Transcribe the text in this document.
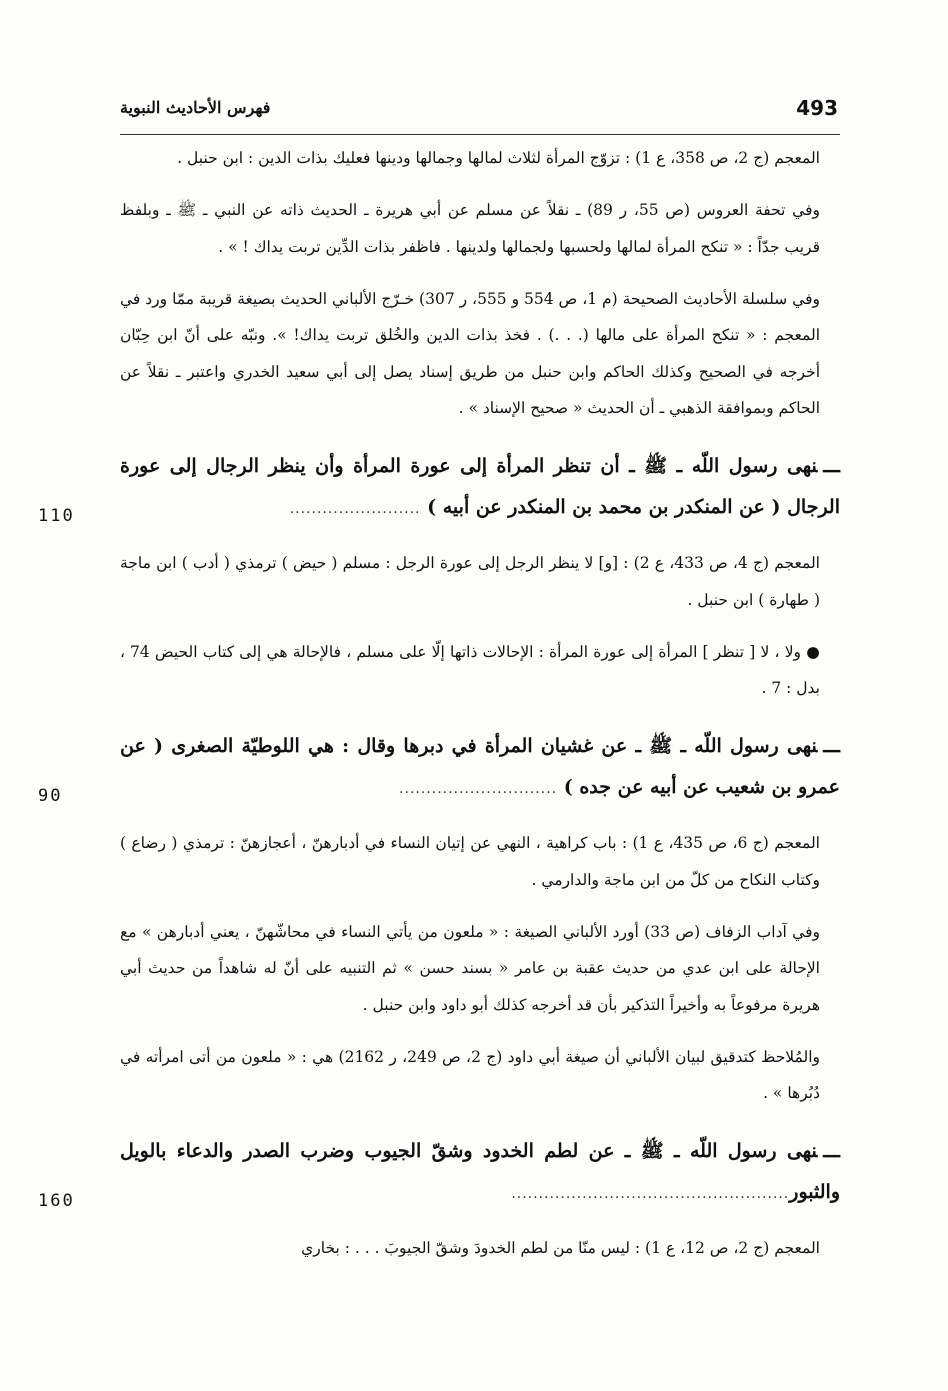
493
فهرس الأحاديث النبوية

المعجم (ج 2، ص 358، ع 1) : تزوّج المرأة لثلاث لمالها وجمالها ودينها فعليك بذات الدين : ابن حنبل .

وفي تحفة العروس (ص 55، ر 89) ـ نقلاً عن مسلم عن أبي هريرة ـ الحديث ذاته عن النبي ـ ﷺ ـ وبلفظ قريب جدّاً : « تنكح المرأة لمالها ولحسبها ولجمالها ولدينها . فاظفر بذات الدِّين تربت يداك ! » .

وفي سلسلة الأحاديث الصحيحة (م 1، ص 554 و 555، ر 307) خـرّج الألباني الحديث بصيغة قريبة ممّا ورد في المعجم : « تنكح المرأة على مالها (. . .) . فخذ بذات الدين والخُلق تربت يداك! ». ونبّه على أنّ ابن حِبّان أخرجه في الصحيح وكذلك الحاكم وابن حنبل من طريق إسناد يصل إلى أبي سعيد الخدري واعتبر ـ نقلاً عن الحاكم وبموافقة الذهبي ـ أن الحديث « صحيح الإسناد » .

ـــنهى رسول اللّه ـ ﷺ ـ أن تنظر المرأة إلى عورة المرأة وأن ينظر الرجال إلى عورة الرجال ( عن المنكدر بن محمد بن المنكدر عن أبيه ) ........................

110

المعجم (ج 4، ص 433، ع 2) : [و] لا ينظر الرجل إلى عورة الرجل : مسلم ( حيض ) ترمذي ( أدب ) ابن ماجة ( طهارة ) ابن حنبل .

● ولا ، لا [ تنظر ] المرأة إلى عورة المرأة : الإحالات ذاتها إلّا على مسلم ، فالإحالة هي إلى كتاب الحيض 74 ، بدل : 7 .

ـــنهى رسول اللّه ـ ﷺ ـ عن غشيان المرأة في دبرها وقال : هي اللوطيّة الصغرى ( عن عمرو بن شعيب عن أبيه عن جده ) .............................

90

المعجم (ج 6، ص 435، ع 1) : باب كراهية ، النهي عن إتيان النساء في أدبارهنّ ، أعجازهنّ : ترمذي ( رضاع ) وكتاب النكاح من كلّ من ابن ماجة والدارمي .

وفي آداب الزفاف (ص 33) أورد الألباني الصيغة : « ملعون من يأتي النساء في محاشّهنّ ، يعني أدبارهن » مع الإحالة على ابن عدي من حديث عقبة بن عامر « بسند حسن » ثم التنبيه على أنّ له شاهداً من حديث أبي هريرة مرفوعاً به وأخيراً التذكير بأن قد أخرجه كذلك أبو داود وابن حنبل .

والمُلاحظ كتدقيق لبيان الألباني أن صيغة أبي داود (ج 2، ص 249، ر 2162) هي : « ملعون من أتى امرأته في دُبُرها » .

ـــنهى رسول اللّه ـ ﷺ ـ عن لطم الخدود وشقّ الجيوب وضرب الصدر والدعاء بالويل والثبور...................................................

160

المعجم (ج 2، ص 12، ع 1) : ليس منّا من لطم الخدودَ وشقّ الجيوبَ . . . : بخاري
